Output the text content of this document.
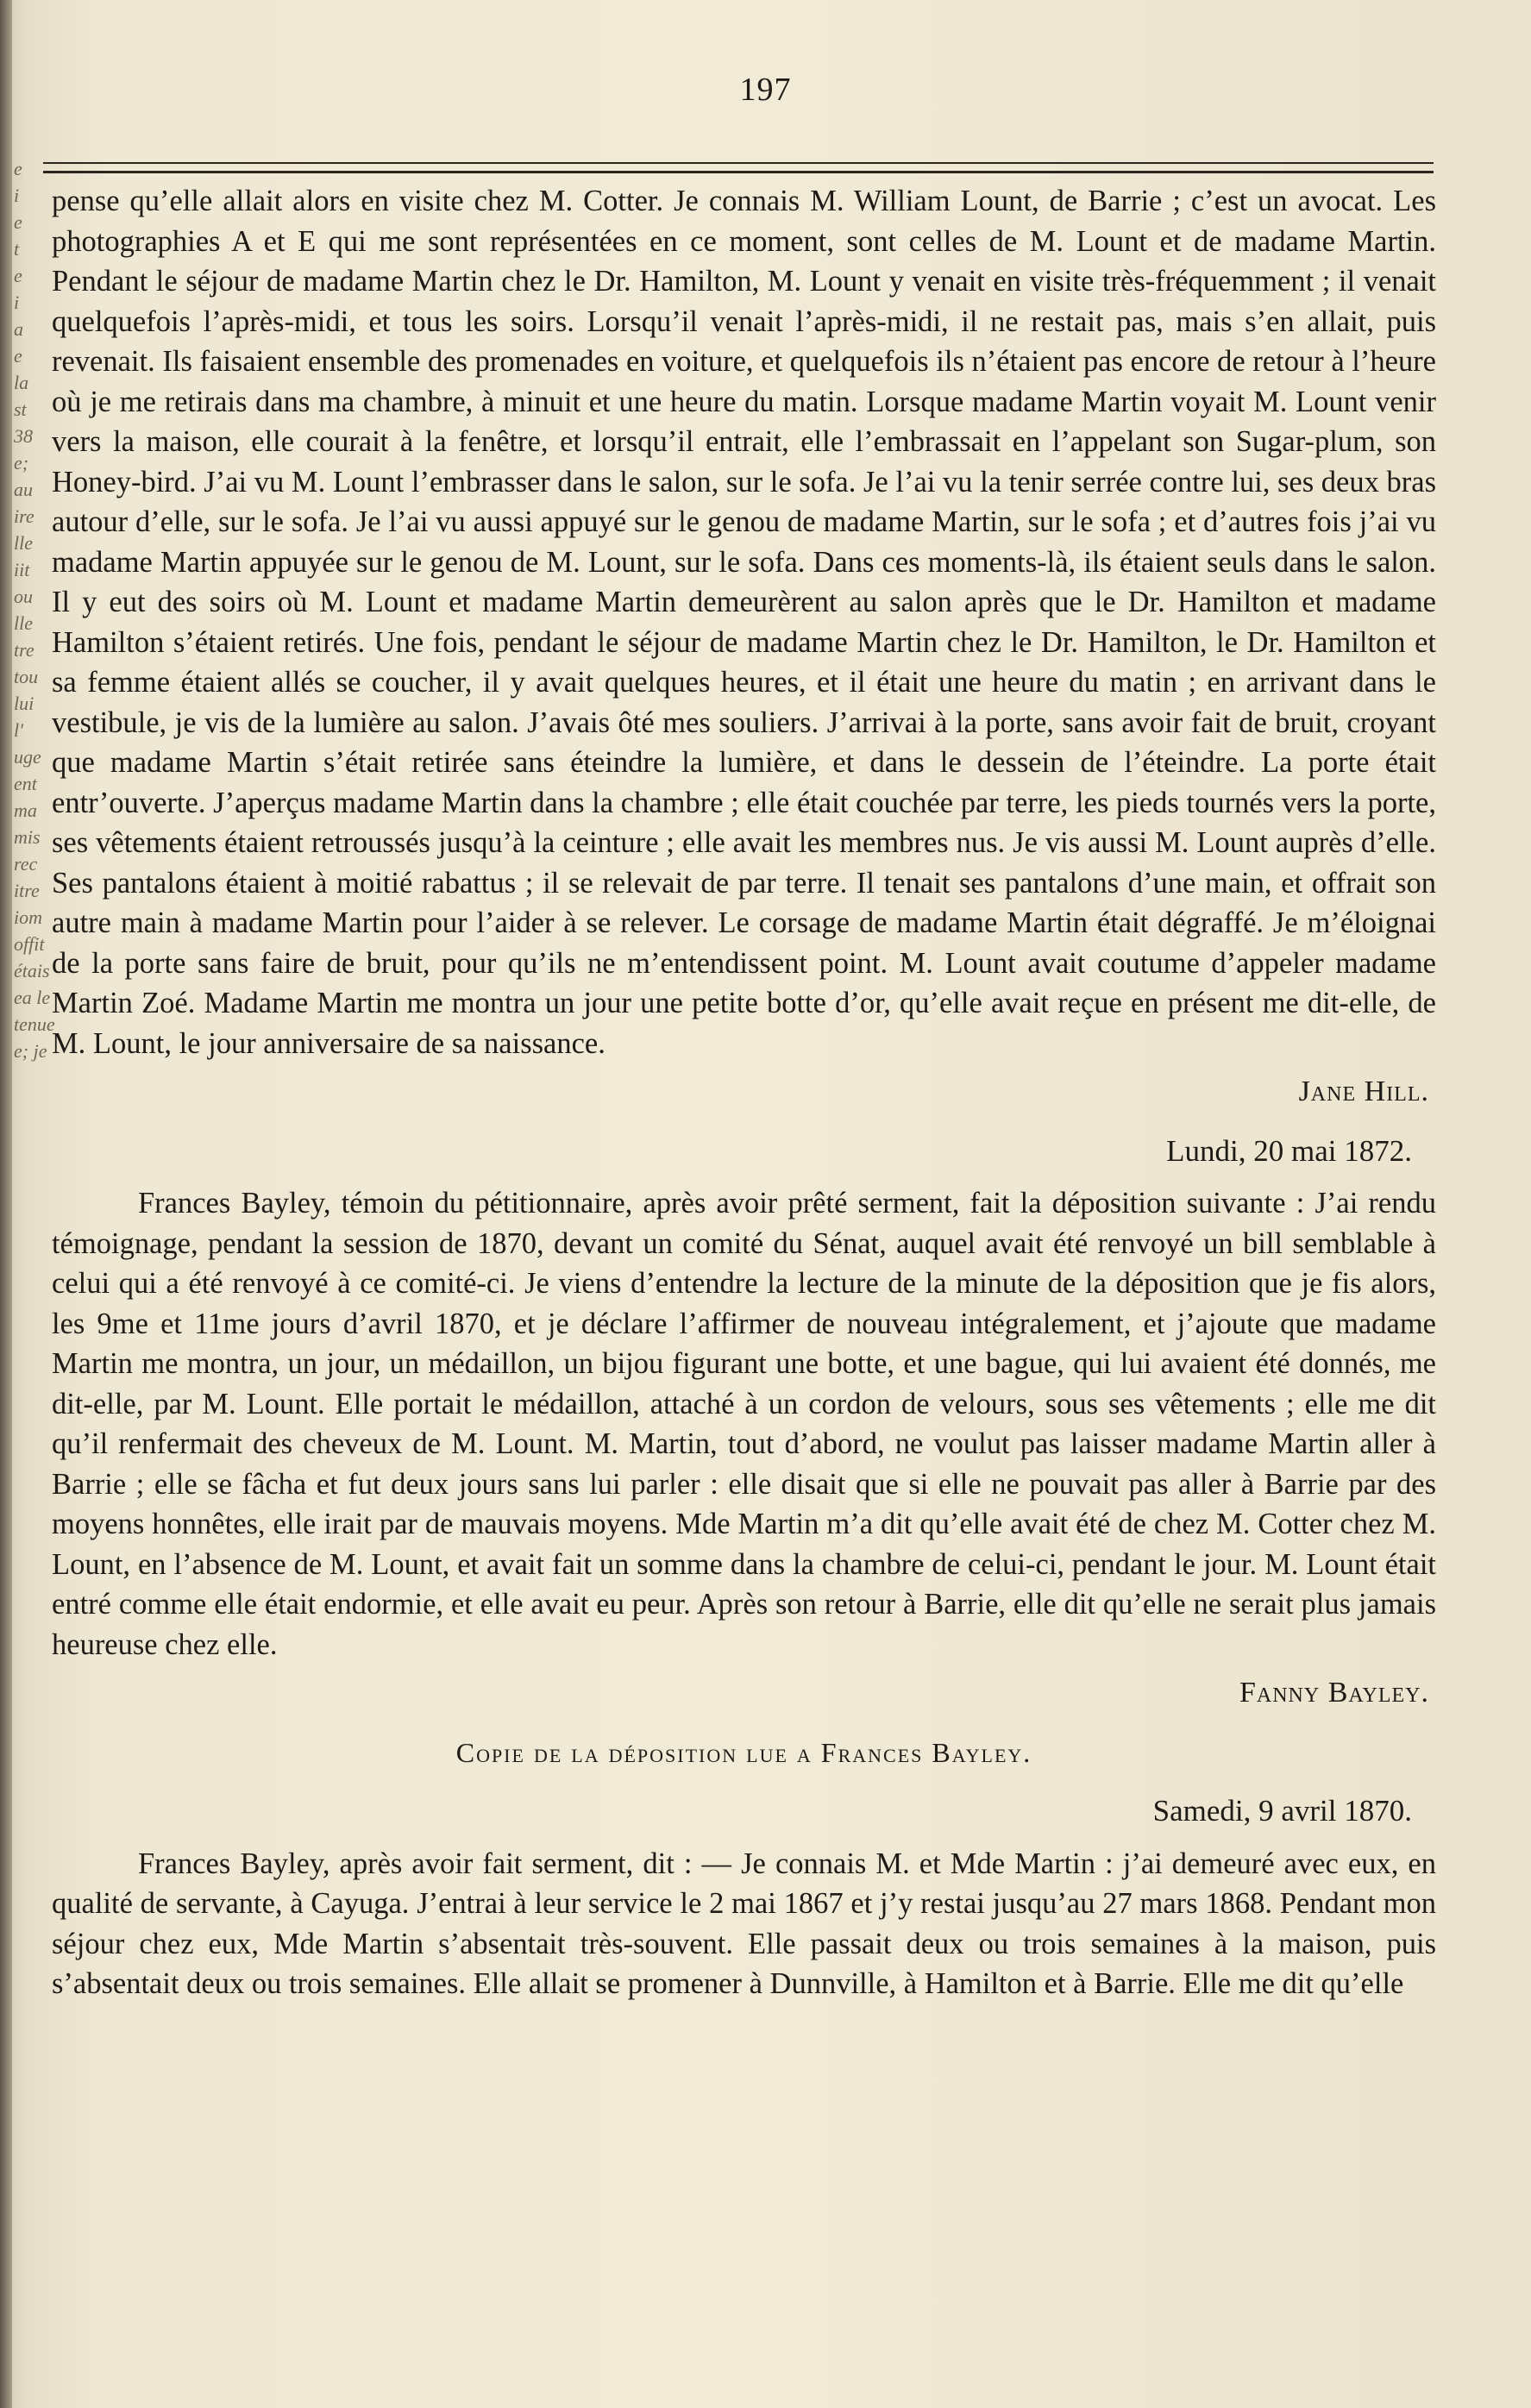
e
i
e
t
e
i
a
e
la
st
38
e;
au
ire
lle
iit
ou
lle
tre
tou
lui
l'
uge
ent
ma
mis
rec
itre
iom
offit
étais
ea le
tenue
e; je
197

pense qu’elle allait alors en visite chez M. Cotter. Je connais M. William Lount, de Barrie ; c’est un avocat. Les photographies A et E qui me sont représentées en ce moment, sont celles de M. Lount et de madame Martin. Pendant le séjour de madame Martin chez le Dr. Hamilton, M. Lount y venait en visite très-fréquemment ; il venait quelquefois l’après-midi, et tous les soirs. Lorsqu’il venait l’après-midi, il ne restait pas, mais s’en allait, puis revenait. Ils faisaient ensemble des promenades en voiture, et quelquefois ils n’étaient pas encore de retour à l’heure où je me retirais dans ma chambre, à minuit et une heure du matin. Lorsque madame Martin voyait M. Lount venir vers la maison, elle courait à la fenêtre, et lorsqu’il entrait, elle l’embrassait en l’appelant son Sugar-plum, son Honey-bird. J’ai vu M. Lount l’embrasser dans le salon, sur le sofa. Je l’ai vu la tenir serrée contre lui, ses deux bras autour d’elle, sur le sofa. Je l’ai vu aussi appuyé sur le genou de madame Martin, sur le sofa ; et d’autres fois j’ai vu madame Martin appuyée sur le genou de M. Lount, sur le sofa. Dans ces moments-là, ils étaient seuls dans le salon. Il y eut des soirs où M. Lount et madame Martin demeurèrent au salon après que le Dr. Hamilton et madame Hamilton s’étaient retirés. Une fois, pendant le séjour de madame Martin chez le Dr. Hamilton, le Dr. Hamilton et sa femme étaient allés se coucher, il y avait quelques heures, et il était une heure du matin ; en arrivant dans le vestibule, je vis de la lumière au salon. J’avais ôté mes souliers. J’arrivai à la porte, sans avoir fait de bruit, croyant que madame Martin s’était retirée sans éteindre la lumière, et dans le dessein de l’éteindre. La porte était entr’ouverte. J’aperçus madame Martin dans la chambre ; elle était couchée par terre, les pieds tournés vers la porte, ses vêtements étaient retroussés jusqu’à la ceinture ; elle avait les membres nus. Je vis aussi M. Lount auprès d’elle. Ses pantalons étaient à moitié rabattus ; il se relevait de par terre. Il tenait ses pantalons d’une main, et offrait son autre main à madame Martin pour l’aider à se relever. Le corsage de madame Martin était dégraffé. Je m’éloignai de la porte sans faire de bruit, pour qu’ils ne m’entendissent point. M. Lount avait coutume d’appeler madame Martin Zoé. Madame Martin me montra un jour une petite botte d’or, qu’elle avait reçue en présent me dit-elle, de M. Lount, le jour anniversaire de sa naissance.

Jane Hill.
Lundi, 20 mai 1872.

Frances Bayley, témoin du pétitionnaire, après avoir prêté serment, fait la déposition suivante : J’ai rendu témoignage, pendant la session de 1870, devant un comité du Sénat, auquel avait été renvoyé un bill semblable à celui qui a été renvoyé à ce comité-ci. Je viens d’entendre la lecture de la minute de la déposition que je fis alors, les 9me et 11me jours d’avril 1870, et je déclare l’affirmer de nouveau intégralement, et j’ajoute que madame Martin me montra, un jour, un médaillon, un bijou figurant une botte, et une bague, qui lui avaient été donnés, me dit-elle, par M. Lount. Elle portait le médaillon, attaché à un cordon de velours, sous ses vêtements ; elle me dit qu’il renfermait des cheveux de M. Lount. M. Martin, tout d’abord, ne voulut pas laisser madame Martin aller à Barrie ; elle se fâcha et fut deux jours sans lui parler : elle disait que si elle ne pouvait pas aller à Barrie par des moyens honnêtes, elle irait par de mauvais moyens. Mde Martin m’a dit qu’elle avait été de chez M. Cotter chez M. Lount, en l’absence de M. Lount, et avait fait un somme dans la chambre de celui-ci, pendant le jour. M. Lount était entré comme elle était endormie, et elle avait eu peur. Après son retour à Barrie, elle dit qu’elle ne serait plus jamais heureuse chez elle.

Fanny Bayley.
Copie de la déposition lue a Frances Bayley.
Samedi, 9 avril 1870.

Frances Bayley, après avoir fait serment, dit : — Je connais M. et Mde Martin : j’ai demeuré avec eux, en qualité de servante, à Cayuga. J’entrai à leur service le 2 mai 1867 et j’y restai jusqu’au 27 mars 1868. Pendant mon séjour chez eux, Mde Martin s’absentait très-souvent. Elle passait deux ou trois semaines à la maison, puis s’absentait deux ou trois semaines. Elle allait se promener à Dunnville, à Hamilton et à Barrie. Elle me dit qu’elle
